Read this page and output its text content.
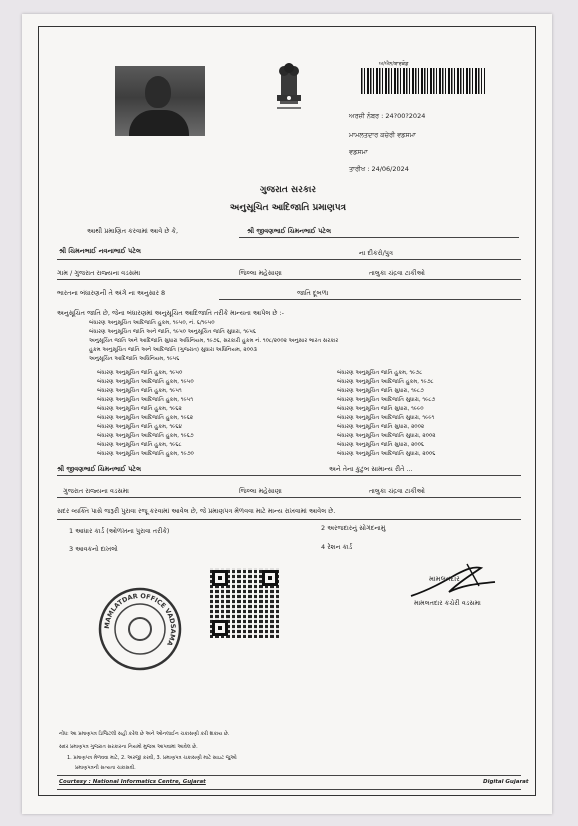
ਅ/ਐਨ/ਬਾਰਕੋਡ
ਅਰਜ਼ੀ ਨੰਬਰ : 24?00?2024
ਮਾਮਲਤਦਾਰ ਕਚੇਰੀ ਵਡਸਮਾ
ਵਡਸਮਾ
ਤਾਰੀਖ : 24/06/2024
ગુજરાત સરકાર
અનુસૂચિત આદિજાતિ પ્રમાણપત્ર
આથી પ્રમાણિત કરવામાં આવે છે કે,	શ્રી જીવણભાઈ ચિમનભાઈ પટેલ
શ્રી ચિમનભાઈ નવનાભાઈ પટેલ	ના દીકરો/પુત્ર
ગામ / ગુજરાત રાજ્યના વડસમા	જિલ્લા મહેસાણા	તાલુકા ચંદ્રવા ટાકીઓ
ભારતના બંધારણની તે અંગે ના અનુસાર 8	જાતિ દૂબળા
અનુસૂચિત જાતિ છે, જેના બંધારણમાં અનુસૂચિત આદિજાતિ તરીકે માન્યતા આપેલ છે :-
બંધારણ અનુસૂચિત આદિજાતિ હુકમ, ૧૯૫૦, નં. ૬/૧૯૫૦
બંધારણ અનુસૂચિત જાતિ અને જાતિ, ૧૯૫૦ અનુસૂચિત જાતિ સુધારા, ૧૯૫૬
અનુસૂચિત જાતિ અને આદિજાતિ સુધારા અધિનિયમ, ૧૯૭૬, સરકારી હુકમ નં. ૧૦૮/૨૦૦૨ અનુસાર ભારત સરકાર
હુકમ અનુસૂચિત જાતિ અને આદિજાતિ (ગુજરાત) સુધારા અધિનિયમ, ૨૦૦૩
અનુસૂચિત આદિજાતિ અધિનિયમ, ૧૯૫૬
બંધારણ અનુસૂચિત જાતિ હુકમ, ૧૯૫૦
બંધારણ અનુસૂચિત આદિજાતિ હુકમ, ૧૯૫૦
બંધારણ અનુસૂચિત જાતિ હુકમ, ૧૯૫૧
બંધારણ અનુસૂચિત આદિજાતિ હુકમ, ૧૯૫૧
બંધારણ અનુસૂચિત જાતિ હુકમ, ૧૯૬૨
બંધારણ અનુસૂચિત આદિજાતિ હુકમ, ૧૯૬૨
બંધારણ અનુસૂચિત જાતિ હુકમ, ૧૯૬૪
બંધારણ અનુસૂચિત આદિજાતિ હુકમ, ૧૯૬૭
બંધારણ અનુસૂચિત જાતિ હુકમ, ૧૯૬૮
બંધારણ અનુસૂચિત આદિજાતિ હુકમ, ૧૯૭૦
બંધારણ અનુસૂચિત જાતિ હુકમ, ૧૯૭૮
બંધારણ અનુસૂચિત આદિજાતિ હુકમ, ૧૯૭૮
બંધારણ અનુસૂચિત જાતિ સુધારા, ૧૯૮૭
બંધારણ અનુસૂચિત આદિજાતિ સુધારા, ૧૯૮૭
બંધારણ અનુસૂચિત જાતિ સુધારા, ૧૯૯૦
બંધારણ અનુસૂચિત આદિજાતિ સુધારા, ૧૯૯૧
બંધારણ અનુસૂચિત જાતિ સુધારા, ૨૦૦૨
બંધારણ અનુસૂચિત આદિજાતિ સુધારા, ૨૦૦૨
બંધારણ અનુસૂચિત જાતિ સુધારા, ૨૦૦૬
બંધારણ અનુસૂચિત આદિજાતિ સુધારા, ૨૦૦૬
શ્રી જીવણભાઈ ચિમનભાઈ પટેલ	અને તેના કુટુંબ સામાન્ય રીતે ...
ગુજરાત રાજ્યના વડસમા	જિલ્લા મહેસાણા	તાલુકા ચંદ્રવા ટાકીઓ
સદર વ્યક્તિ પાસે જરૂરી પુરાવા રજૂ કરવામાં આવેલ છે, જે પ્રમાણપત્ર મેળવવા માટે માન્ય રાખવામાં આવેલ છે.
1 આધાર કાર્ડ (ઓળખના પુરાવા તરીકે)	2 અરજદારનું સોગંદનામું
3 આવકનો દાખલો	4 રેશન કાર્ડ
MAMLATDAR OFFICE VADSAMA
મામલતદાર
મામલતદાર કચેરી વડસમા
નોંધ: આ પ્રમાણપત્ર ડિજિટલી સહી કરેલ છે અને ઓનલાઈન ચકાસણી કરી શકાય છે.
સદર પ્રમાણપત્ર ગુજરાત સરકારના નિયમો મુજબ આપવામાં આવેલ છે.
1. પ્રમાણપત્ર મેળવવા માટે, 2. અરજી કરવી, 3. પ્રમાણપત્ર ચકાસણી માટે સાઇટ જુઓ
પ્રમાણપત્રની સત્યતા ચકાસવી.
Courtesy : National Informatics Centre, Gujarat	Digital Gujarat
